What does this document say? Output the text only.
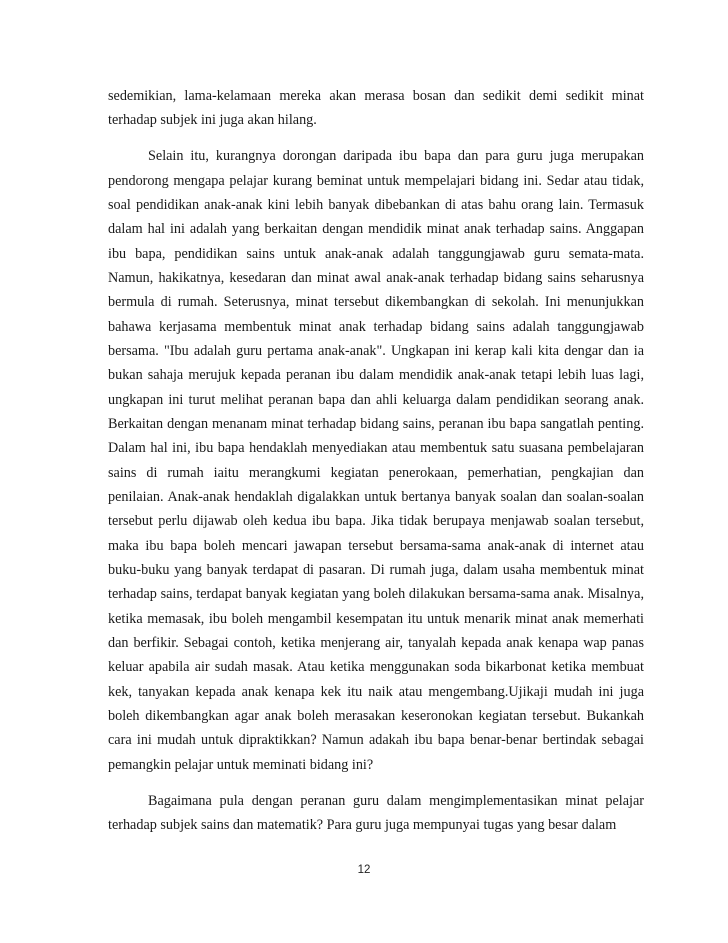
sedemikian, lama-kelamaan mereka akan merasa bosan dan sedikit demi sedikit minat terhadap subjek ini juga akan hilang.

Selain itu, kurangnya dorongan daripada ibu bapa dan para guru juga merupakan pendorong mengapa pelajar kurang beminat untuk mempelajari bidang ini. Sedar atau tidak, soal pendidikan anak-anak kini lebih banyak dibebankan di atas bahu orang lain. Termasuk dalam hal ini adalah yang berkaitan dengan mendidik minat anak terhadap sains. Anggapan ibu bapa, pendidikan sains untuk anak-anak adalah tanggungjawab guru semata-mata. Namun, hakikatnya, kesedaran dan minat awal anak-anak terhadap bidang sains seharusnya bermula di rumah. Seterusnya, minat tersebut dikembangkan di sekolah. Ini menunjukkan bahawa kerjasama membentuk minat anak terhadap bidang sains adalah tanggungjawab bersama. "Ibu adalah guru pertama anak-anak". Ungkapan ini kerap kali kita dengar dan ia bukan sahaja merujuk kepada peranan ibu dalam mendidik anak-anak tetapi lebih luas lagi, ungkapan ini turut melihat peranan bapa dan ahli keluarga dalam pendidikan seorang anak. Berkaitan dengan menanam minat terhadap bidang sains, peranan ibu bapa sangatlah penting. Dalam hal ini, ibu bapa hendaklah menyediakan atau membentuk satu suasana pembelajaran sains di rumah iaitu merangkumi kegiatan penerokaan, pemerhatian, pengkajian dan penilaian. Anak-anak hendaklah digalakkan untuk bertanya banyak soalan dan soalan-soalan tersebut perlu dijawab oleh kedua ibu bapa. Jika tidak berupaya menjawab soalan tersebut, maka ibu bapa boleh mencari jawapan tersebut bersama-sama anak-anak di internet atau buku-buku yang banyak terdapat di pasaran. Di rumah juga, dalam usaha membentuk minat terhadap sains, terdapat banyak kegiatan yang boleh dilakukan bersama-sama anak. Misalnya, ketika memasak, ibu boleh mengambil kesempatan itu untuk menarik minat anak memerhati dan berfikir. Sebagai contoh, ketika menjerang air, tanyalah kepada anak kenapa wap panas keluar apabila air sudah masak. Atau ketika menggunakan soda bikarbonat ketika membuat kek, tanyakan kepada anak kenapa kek itu naik atau mengembang.Ujikaji mudah ini juga boleh dikembangkan agar anak boleh merasakan keseronokan kegiatan tersebut. Bukankah cara ini mudah untuk dipraktikkan? Namun adakah ibu bapa benar-benar bertindak sebagai pemangkin pelajar untuk meminati bidang ini?

Bagaimana pula dengan peranan guru dalam mengimplementasikan minat pelajar terhadap subjek sains dan matematik? Para guru juga mempunyai tugas yang besar dalam

12
